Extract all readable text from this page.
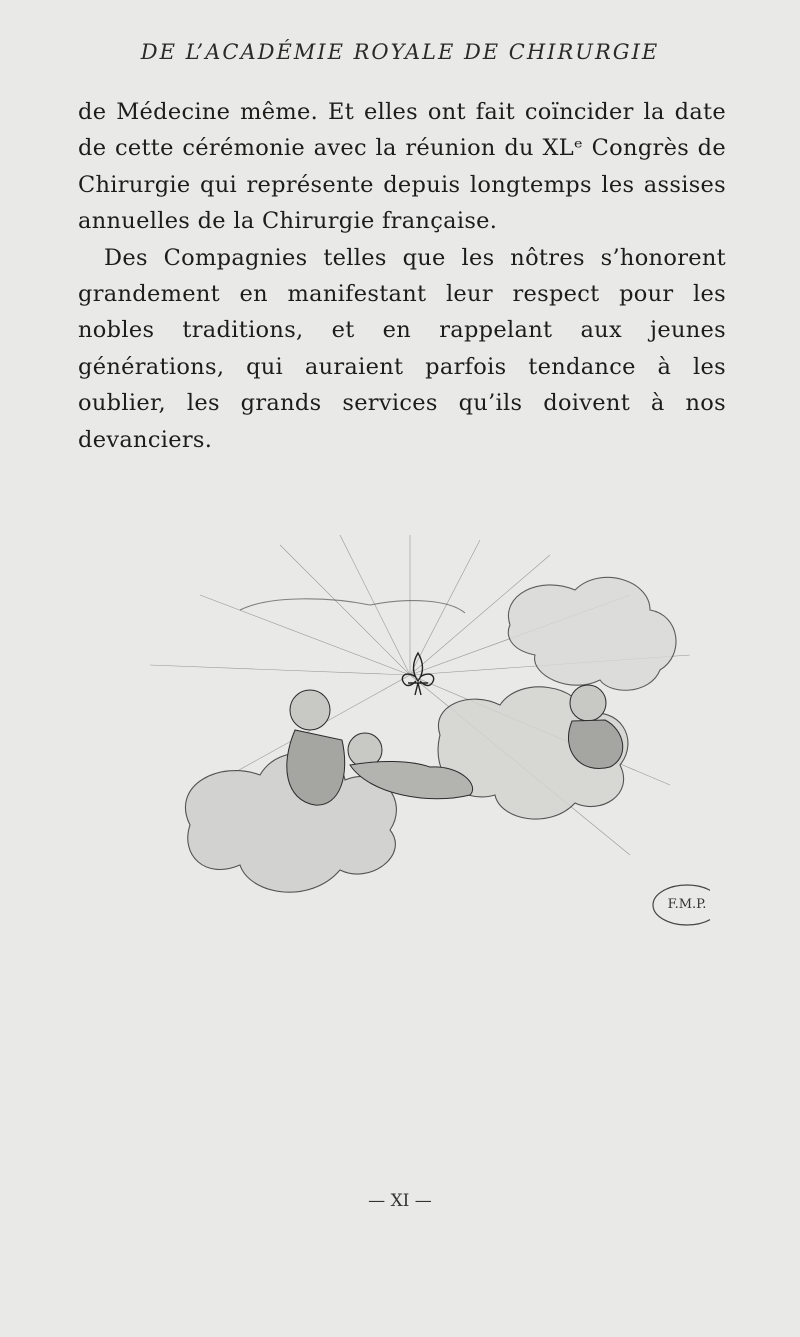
DE L’ACADÉMIE ROYALE DE CHIRURGIE

de Médecine même. Et elles ont fait coïncider la date de cette cérémonie avec la réunion du XLᵉ Congrès de Chirurgie qui représente depuis longtemps les assises annuelles de la Chirurgie française.

Des Compagnies telles que les nôtres s’honorent grandement en manifestant leur respect pour les nobles traditions, et en rappelant aux jeunes générations, qui auraient parfois tendance à les oublier, les grands services qu’ils doivent à nos devanciers.

F.M.P.
— XI —
